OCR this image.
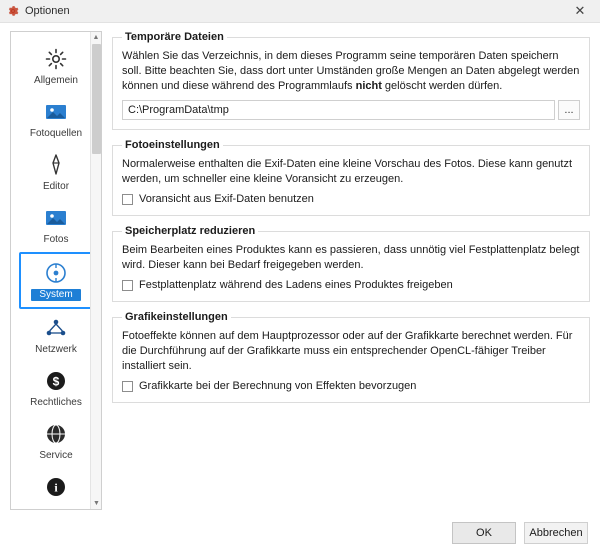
Optionen	✕
Allgemein
Fotoquellen
Editor
Fotos
System
Netzwerk
$
Rechtliches
Service
i
▲
▼
Temporäre Dateien

Wählen Sie das Verzeichnis, in dem dieses Programm seine temporären Daten speichern soll. Bitte beachten Sie, dass dort unter Umständen große Mengen an Daten abgelegt werden können und diese während des Programmlaufs nicht gelöscht werden dürfen.

C:\ProgramData\tmp
...
Fotoeinstellungen

Normalerweise enthalten die Exif-Daten eine kleine Vorschau des Fotos. Diese kann genutzt werden, um schneller eine kleine Voransicht zu erzeugen.

Voransicht aus Exif-Daten benutzen
Speicherplatz reduzieren

Beim Bearbeiten eines Produktes kann es passieren, dass unnötig viel Festplattenplatz belegt wird. Dieser kann bei Bedarf freigegeben werden.

Festplattenplatz während des Ladens eines Produktes freigeben
Grafikeinstellungen

Fotoeffekte können auf dem Hauptprozessor oder auf der Grafikkarte berechnet werden. Für die Durchführung auf der Grafikkarte muss ein entsprechender OpenCL-fähiger Treiber installiert sein.

Grafikkarte bei der Berechnung von Effekten bevorzugen
OK	Abbrechen
